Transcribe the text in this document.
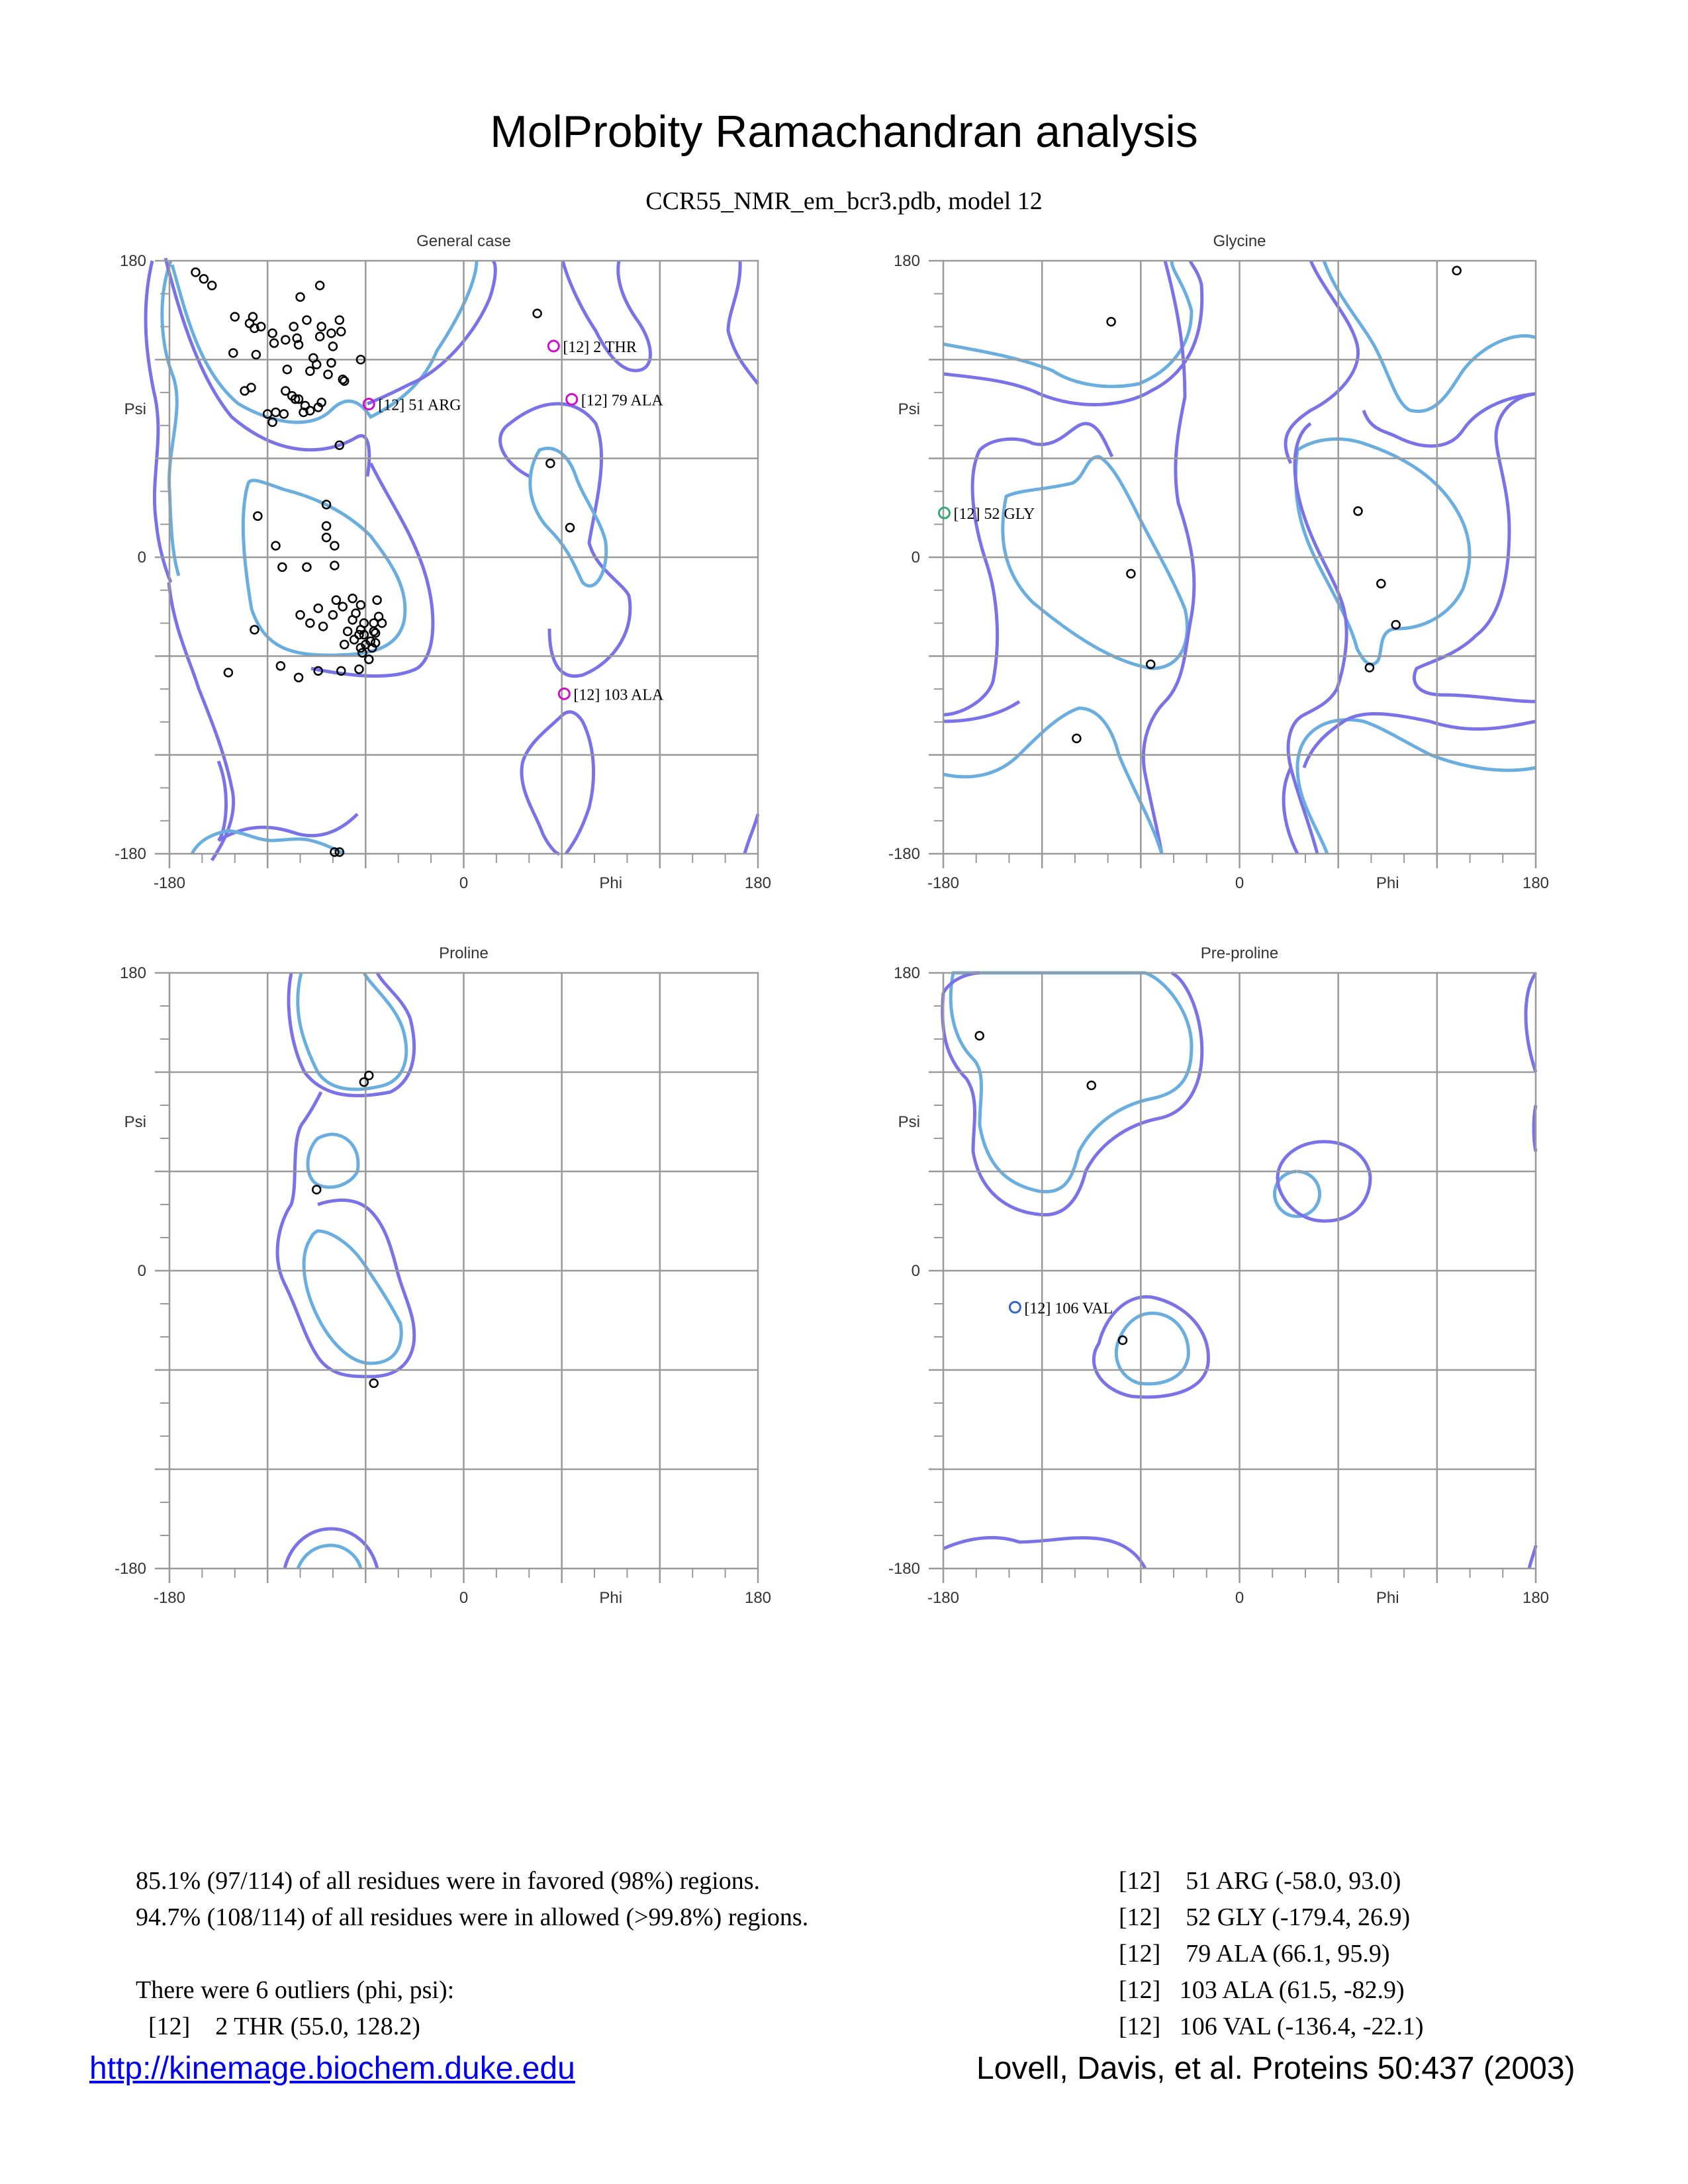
MolProbity Ramachandran analysis
CCR55_NMR_em_bcr3.pdb, model 12
General case
-180	0	180
180
0
-180
Phi
Psi
[12] 2 THR
[12] 51 ARG	[12] 79 ALA
[12] 103 ALA
Glycine
-180	0	180
180
0
-180
Phi
Psi
[12] 52 GLY
Proline
-180	0	180
180
0
-180
Phi
Psi
Pre-proline
-180	0	180
180
0
-180
Phi
Psi
[12] 106 VAL
85.1% (97/114) of all residues were in favored (98%) regions.
94.7% (108/114) of all residues were in allowed (>99.8%) regions.

There were 6 outliers (phi, psi):
[12]    2 THR (55.0, 128.2)
[12]    51 ARG (-58.0, 93.0)
[12]    52 GLY (-179.4, 26.9)
[12]    79 ALA (66.1, 95.9)
[12]   103 ALA (61.5, -82.9)
[12]   106 VAL (-136.4, -22.1)
http://kinemage.biochem.duke.edu	Lovell, Davis, et al. Proteins 50:437 (2003)
